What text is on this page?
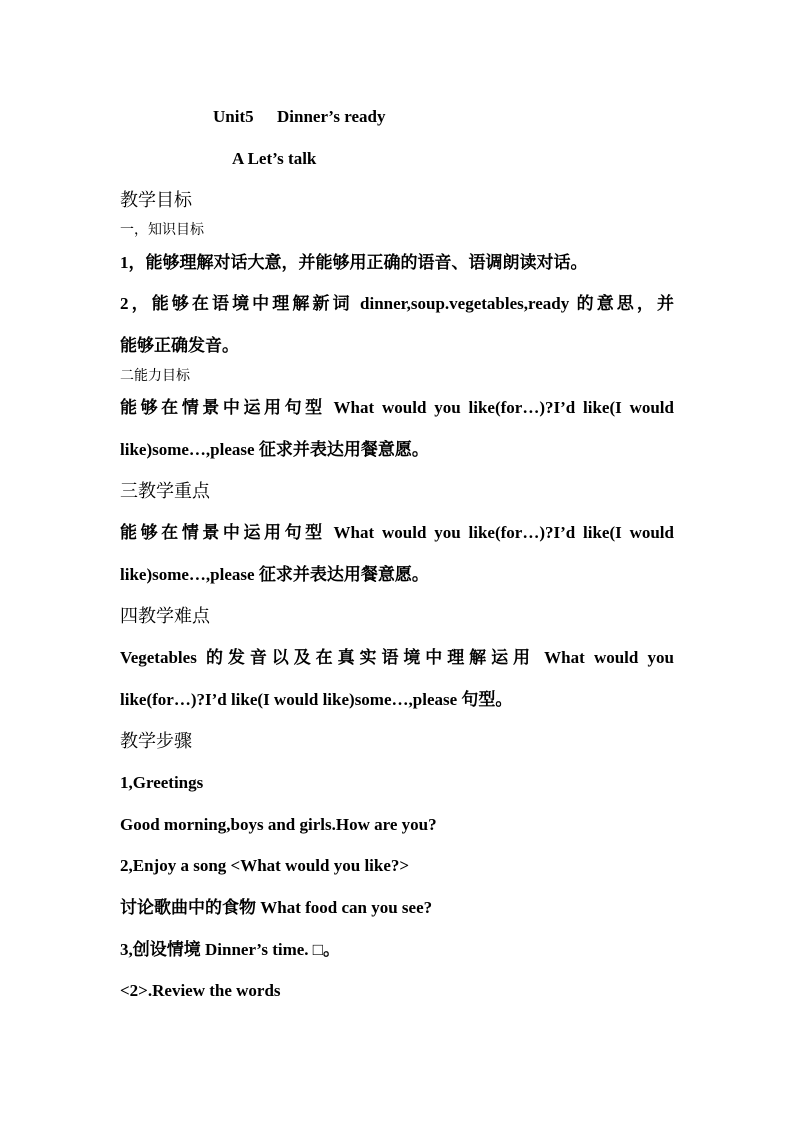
Unit5 Dinner’s ready
A Let’s talk
教学目标
一，知识目标
1，能够理解对话大意，并能够用正确的语音、语调朗读对话。
2，能够在语境中理解新词 dinner,soup.vegetables,ready 的意思，并
能够正确发音。
二能力目标
能够在情景中运用句型 What would you like(for…)?I’d like(I would
like)some…,please 征求并表达用餐意愿。
三教学重点
能够在情景中运用句型 What would you like(for…)?I’d like(I would
like)some…,please 征求并表达用餐意愿。
四教学难点
Vegetables 的发音以及在真实语境中理解运用 What would you
like(for…)?I’d like(I would like)some…,please 句型。
教学步骤
1,Greetings
Good morning,boys and girls.How are you?
2,Enjoy a song <What would you like?>
讨论歌曲中的食物 What food can you see?
3,创设情境 Dinner’s time. □。
<2>.Review the words
